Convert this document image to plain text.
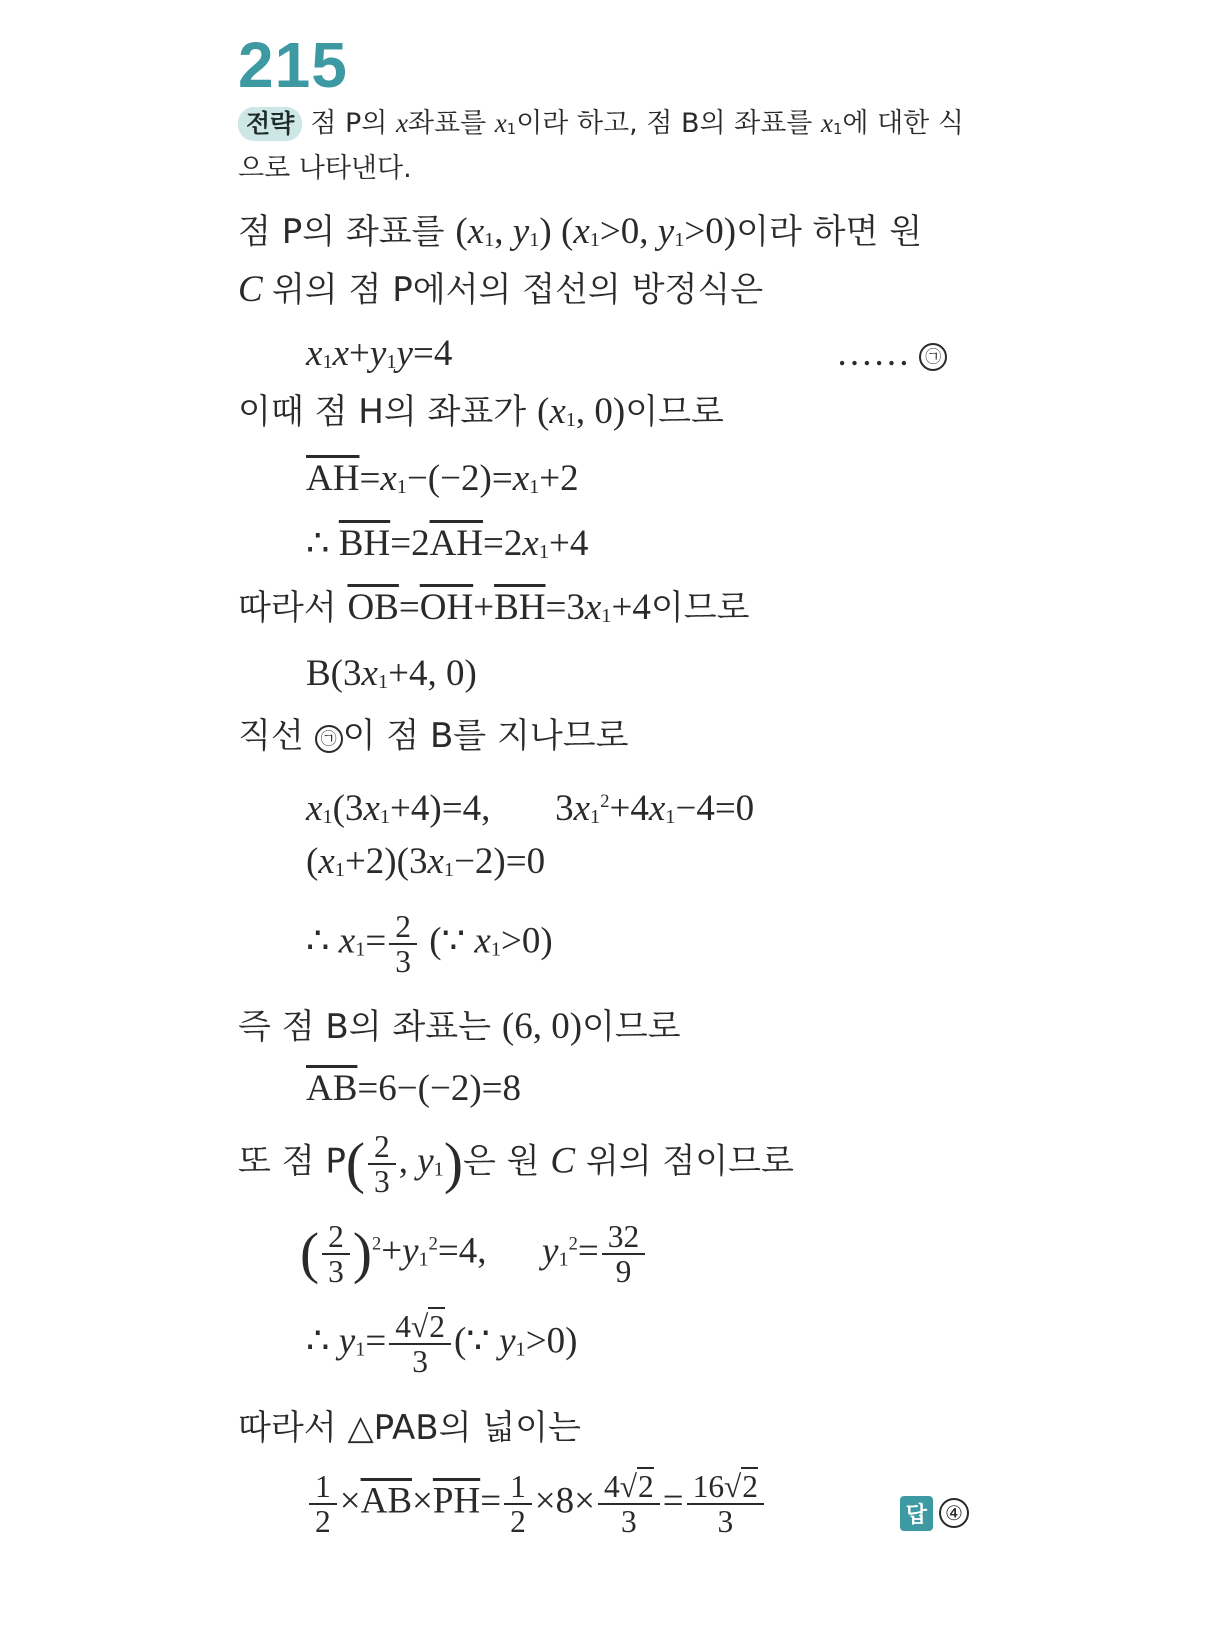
215
전략 점 P의 x좌표를 $x_1$이라 하고, 점 B의 좌표를 $x_1$에 대한 식
으로 나타낸다.
점 P의 좌표를 ($x_1$, $y_1$) ($x_1>0$, $y_1>0$)이라 하면 원
C 위의 점 P에서의 접선의 방정식은
$x_1x+y_1y=4$	…… ㉠
이때 점 H의 좌표가 ($x_1$, 0)이므로
$\overline{AH}=x_1-(-2)=x_1+2$
∴ $\overline{BH}=2\overline{AH}=2x_1+4$
따라서 $\overline{OB}=\overline{OH}+\overline{BH}=3x_1+4$이므로
$B(3x_1+4$, 0)
직선 ㉠ 이 점 B를 지나므로
$x_1(3x_1+4)=4$,       $3x_1^2+4x_1-4=0$
$(x_1+2)(3x_1-2)=0$
∴ $x_1= \frac{2}{3}$ (∵ $x_1>0$)
즉 점 B의 좌표는 (6, 0)이므로
$\overline{AB}=6-(-2)=8$
또 점 $P( \frac{2}{3}$ , $y_1$)은 원 C 위의 점이므로
( $\frac{2}{3} )^2+y_1^2=4$,      $y_1^2= \frac{32}{9}$
∴ $y_1= \frac{4√2}{3}$ (∵ $y_1>0$)
따라서 △PAB의 넓이는
$\frac{1}{2} \times\overline{AB}\times\overline{PH}= \frac{1}{2} \times 8\times \frac{4√2}{3} = \frac{16√2}{3}$	답 ④
